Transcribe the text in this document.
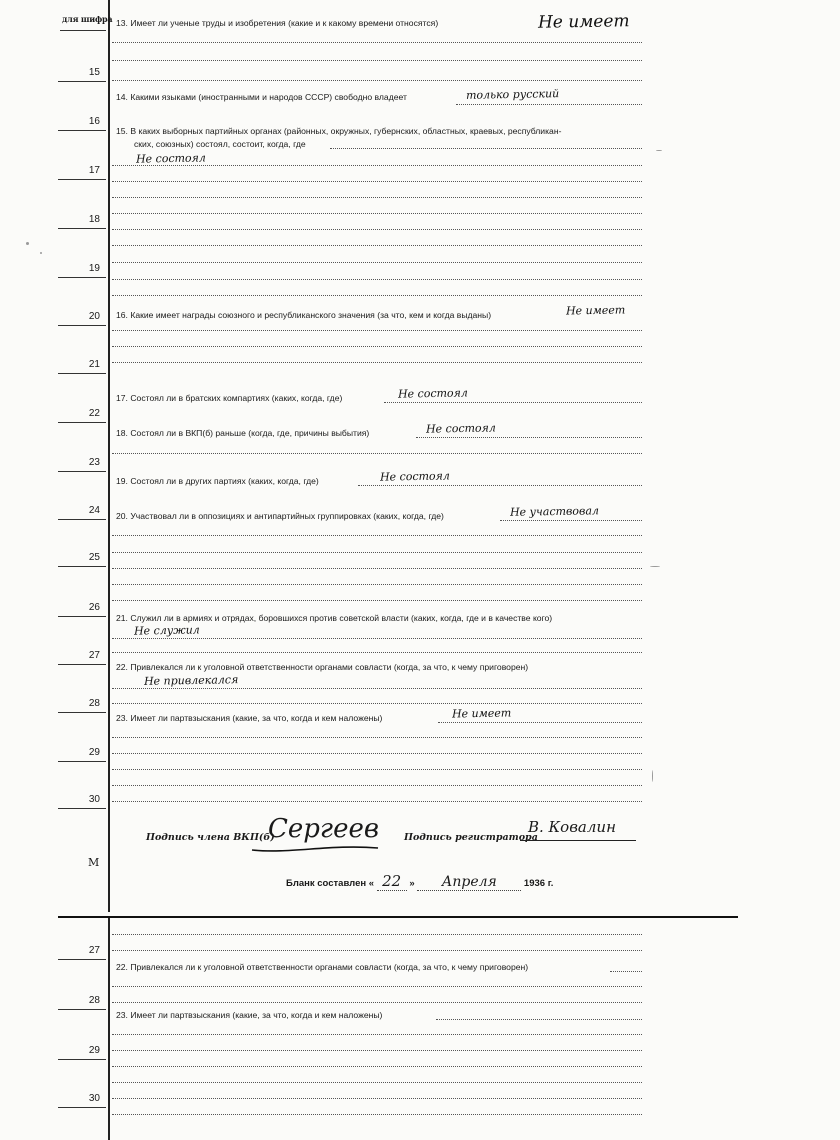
для шифра
15
16
17
18
19
20
21
22
23
24
25
26
27
28
29
30
М
13. Имеет ли ученые труды и изобретения (какие и к какому времени относятся)	Не имеет
14. Какими языками (иностранными и народов СССР) свободно владеет	только русский
15. В каких выборных партийных органах (районных, окружных, губернских, областных, краевых, республикан-
ских, союзных) состоял, состоит, когда, где
Не состоял
16. Какие имеет награды союзного и республиканского значения (за что, кем и когда выданы)	Не имеет
17. Состоял ли в братских компартиях (каких, когда, где)	Не состоял
18. Состоял ли в ВКП(б) раньше (когда, где, причины выбытия)	Не состоял
19. Состоял ли в других партиях (каких, когда, где)	Не состоял
20. Участвовал ли в оппозициях и антипартийных группировках (каких, когда, где)	Не участвовал
21. Служил ли в армиях и отрядах, боровшихся против советской власти (каких, когда, где и в качестве кого)
Не служил
22. Привлекался ли к уголовной ответственности органами совласти (когда, за что, к чему приговорен)
Не привлекался
23. Имеет ли партвзыскания (какие, за что, когда и кем наложены)	Не имеет
Подпись члена ВКП(б)
Сергеев	Подпись регистратора
В. Ковалин
Бланк составлен « 22 » Апреля	1936 г.
27
22. Привлекался ли к уголовной ответственности органами совласти (когда, за что, к чему приговорен)
28
23. Имеет ли партвзыскания (какие, за что, когда и кем наложены)
29
30
